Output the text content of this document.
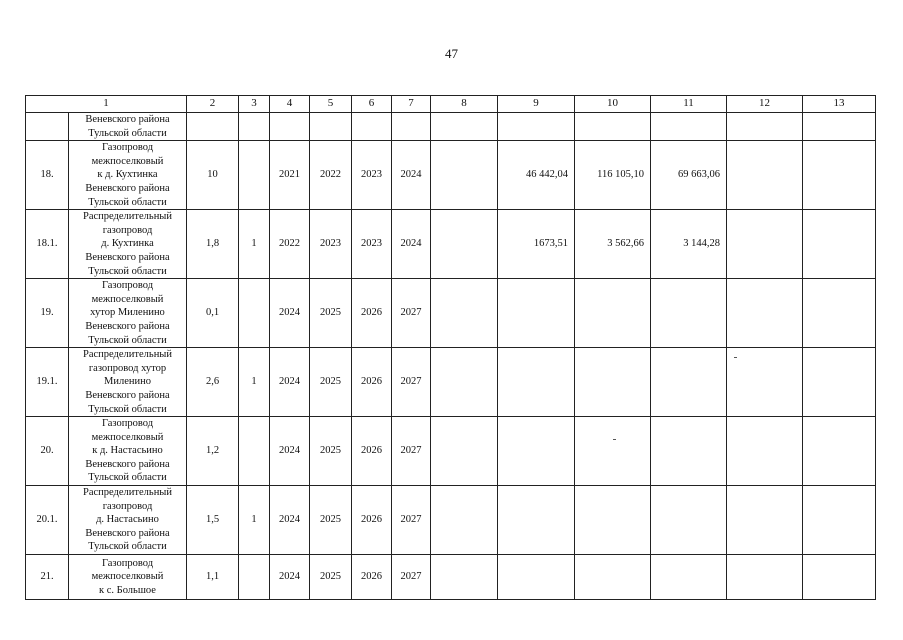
47
1		2	3	4	5	6	7	8	9	10	11	12	13
	Веневского района
Тульской области												
18.	Газопровод
межпоселковый
к д. Кухтинка
Веневского района
Тульской области	10		2021	2022	2023	2024		46 442,04	116 105,10	69 663,06		
18.1.	Распределительный
газопровод
д. Кухтинка
Веневского района
Тульской области	1,8	1	2022	2023	2023	2024		1673,51	3 562,66	3 144,28		
19.	Газопровод
межпоселковый
хутор Миленино
Веневского района
Тульской области	0,1		2024	2025	2026	2027						
19.1.	Распределительный
газопровод хутор
Миленино
Веневского района
Тульской области	2,6	1	2024	2025	2026	2027						
20.	Газопровод
межпоселковый
к д. Настасьино
Веневского района
Тульской области	1,2		2024	2025	2026	2027						
20.1.	Распределительный
газопровод
д. Настасьино
Веневского района
Тульской области	1,5	1	2024	2025	2026	2027						
21.	Газопровод
межпоселковый
к с. Большое	1,1		2024	2025	2026	2027						
